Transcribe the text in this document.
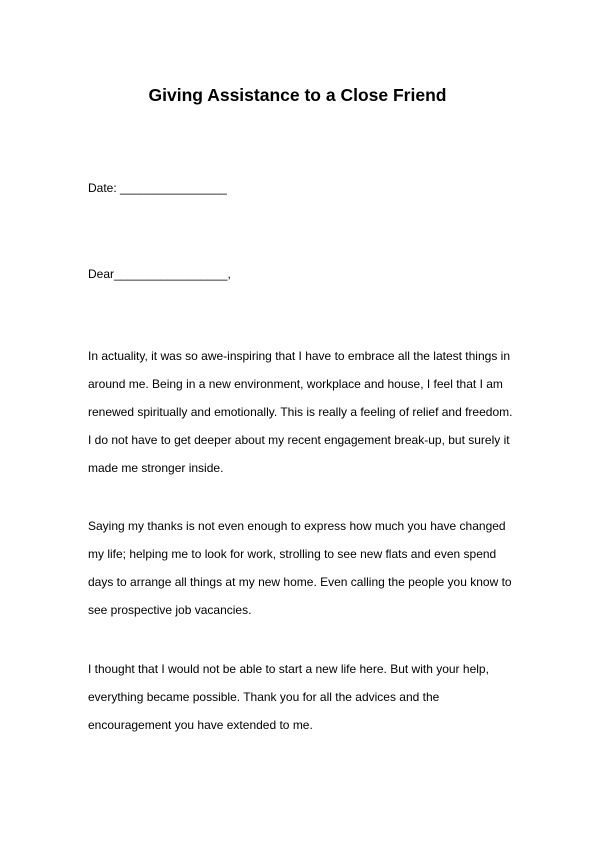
Giving Assistance to a Close Friend
Date: ________________
Dear_________________,
In actuality, it was so awe-inspiring that I have to embrace all the latest things in
around me. Being in a new environment, workplace and house, I feel that I am
renewed spiritually and emotionally. This is really a feeling of relief and freedom.
I do not have to get deeper about my recent engagement break-up, but surely it
made me stronger inside.
Saying my thanks is not even enough to express how much you have changed
my life; helping me to look for work, strolling to see new flats and even spend
days to arrange all things at my new home. Even calling the people you know to
see prospective job vacancies.
I thought that I would not be able to start a new life here. But with your help,
everything became possible. Thank you for all the advices and the
encouragement you have extended to me.
